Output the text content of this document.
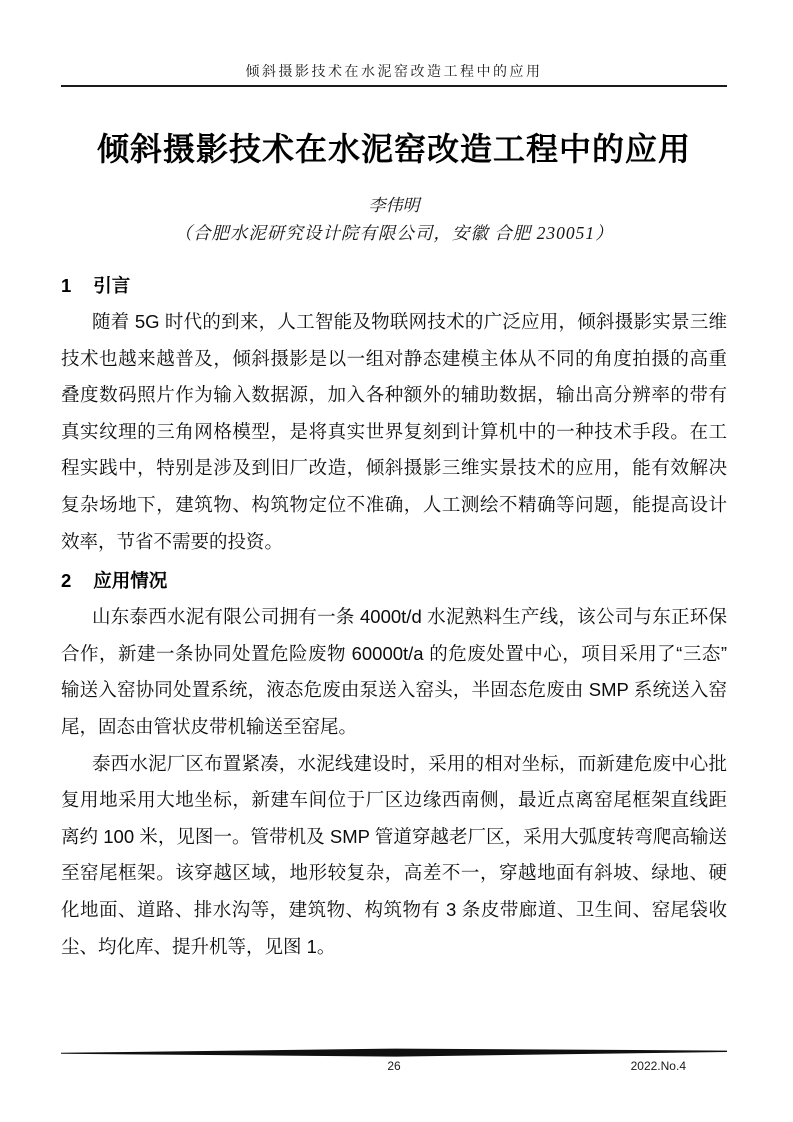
倾斜摄影技术在水泥窑改造工程中的应用
倾斜摄影技术在水泥窑改造工程中的应用
李伟明
（合肥水泥研究设计院有限公司，安徽 合肥 230051）
1 引言
随着 5G 时代的到来，人工智能及物联网技术的广泛应用，倾斜摄影实景三维
技术也越来越普及，倾斜摄影是以一组对静态建模主体从不同的角度拍摄的高重
叠度数码照片作为输入数据源，加入各种额外的辅助数据，输出高分辨率的带有
真实纹理的三角网格模型，是将真实世界复刻到计算机中的一种技术手段。在工
程实践中，特别是涉及到旧厂改造，倾斜摄影三维实景技术的应用，能有效解决
复杂场地下，建筑物、构筑物定位不准确，人工测绘不精确等问题，能提高设计
效率，节省不需要的投资。
2 应用情况
山东泰西水泥有限公司拥有一条 4000t/d 水泥熟料生产线，该公司与东正环保
合作，新建一条协同处置危险废物 60000t/a 的危废处置中心，项目采用了“三态”
输送入窑协同处置系统，液态危废由泵送入窑头，半固态危废由 SMP 系统送入窑
尾，固态由管状皮带机输送至窑尾。
泰西水泥厂区布置紧凑，水泥线建设时，采用的相对坐标，而新建危废中心批
复用地采用大地坐标，新建车间位于厂区边缘西南侧，最近点离窑尾框架直线距
离约 100 米，见图一。管带机及 SMP 管道穿越老厂区，采用大弧度转弯爬高输送
至窑尾框架。该穿越区域，地形较复杂，高差不一，穿越地面有斜坡、绿地、硬
化地面、道路、排水沟等，建筑物、构筑物有 3 条皮带廊道、卫生间、窑尾袋收
尘、均化库、提升机等，见图 1。
26	2022.No.4
